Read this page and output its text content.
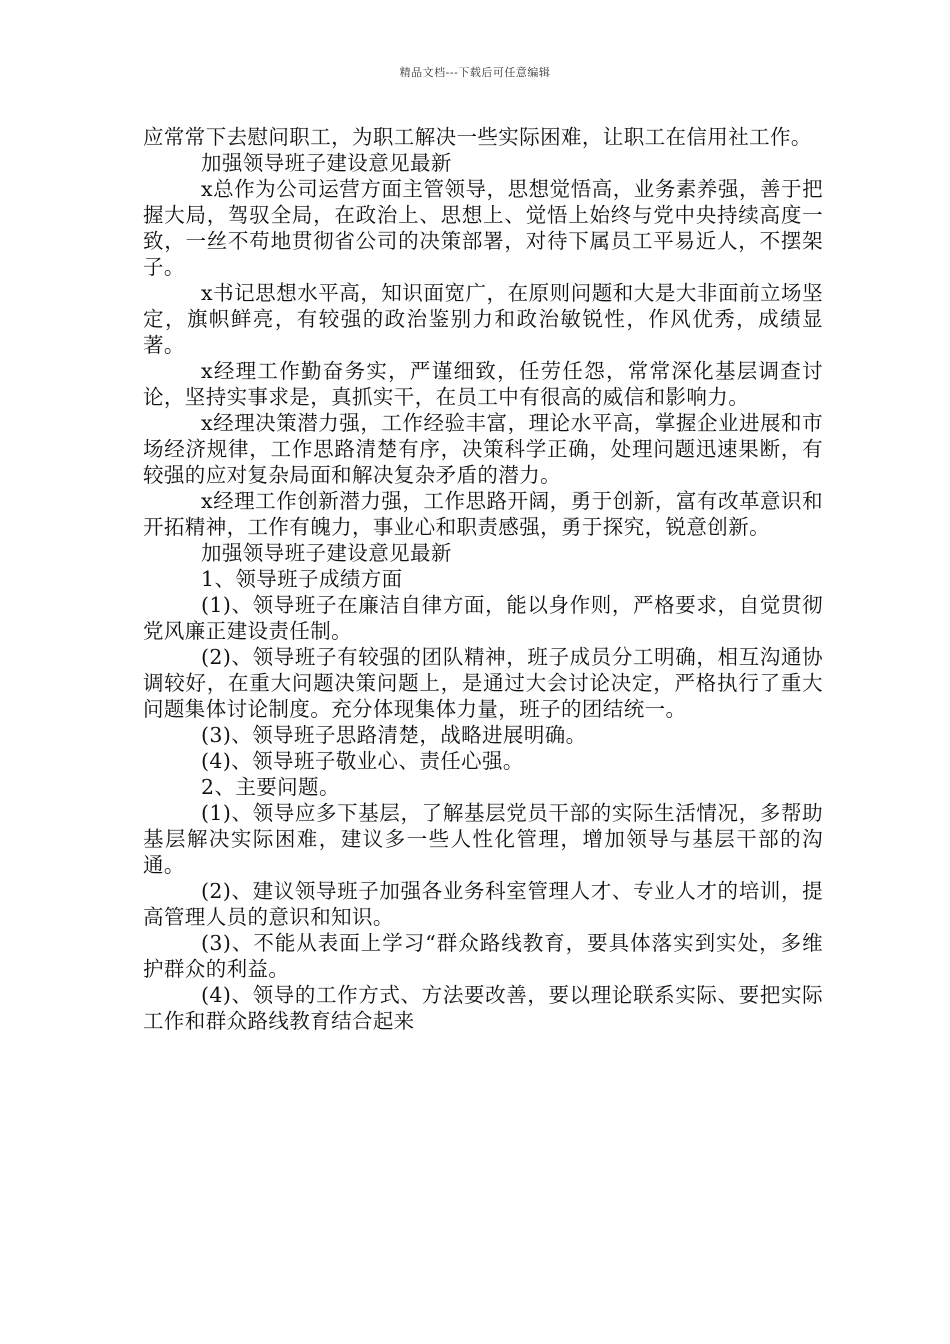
精品文档---下载后可任意编辑

应常常下去慰问职工，为职工解决一些实际困难，让职工在信用社工作。

加强领导班子建设意见最新

x总作为公司运营方面主管领导，思想觉悟高，业务素养强，善于把握大局，驾驭全局，在政治上、思想上、觉悟上始终与党中央持续高度一致，一丝不苟地贯彻省公司的决策部署，对待下属员工平易近人，不摆架子。

x书记思想水平高，知识面宽广，在原则问题和大是大非面前立场坚定，旗帜鲜亮，有较强的政治鉴别力和政治敏锐性，作风优秀，成绩显著。

x经理工作勤奋务实，严谨细致，任劳任怨，常常深化基层调查讨论，坚持实事求是，真抓实干，在员工中有很高的威信和影响力。

x经理决策潜力强，工作经验丰富，理论水平高，掌握企业进展和市场经济规律，工作思路清楚有序，决策科学正确，处理问题迅速果断，有较强的应对复杂局面和解决复杂矛盾的潜力。

x经理工作创新潜力强，工作思路开阔，勇于创新，富有改革意识和开拓精神，工作有魄力，事业心和职责感强，勇于探究，锐意创新。

加强领导班子建设意见最新

1、领导班子成绩方面

(1)、领导班子在廉洁自律方面，能以身作则，严格要求，自觉贯彻党风廉正建设责任制。

(2)、领导班子有较强的团队精神，班子成员分工明确，相互沟通协调较好，在重大问题决策问题上，是通过大会讨论决定，严格执行了重大问题集体讨论制度。充分体现集体力量，班子的团结统一。

(3)、领导班子思路清楚，战略进展明确。

(4)、领导班子敬业心、责任心强。

2、主要问题。

(1)、领导应多下基层，了解基层党员干部的实际生活情况，多帮助基层解决实际困难，建议多一些人性化管理，增加领导与基层干部的沟通。

(2)、建议领导班子加强各业务科室管理人才、专业人才的培训，提高管理人员的意识和知识。

(3)、不能从表面上学习“群众路线教育，要具体落实到实处，多维护群众的利益。

(4)、领导的工作方式、方法要改善，要以理论联系实际、要把实际工作和群众路线教育结合起来
